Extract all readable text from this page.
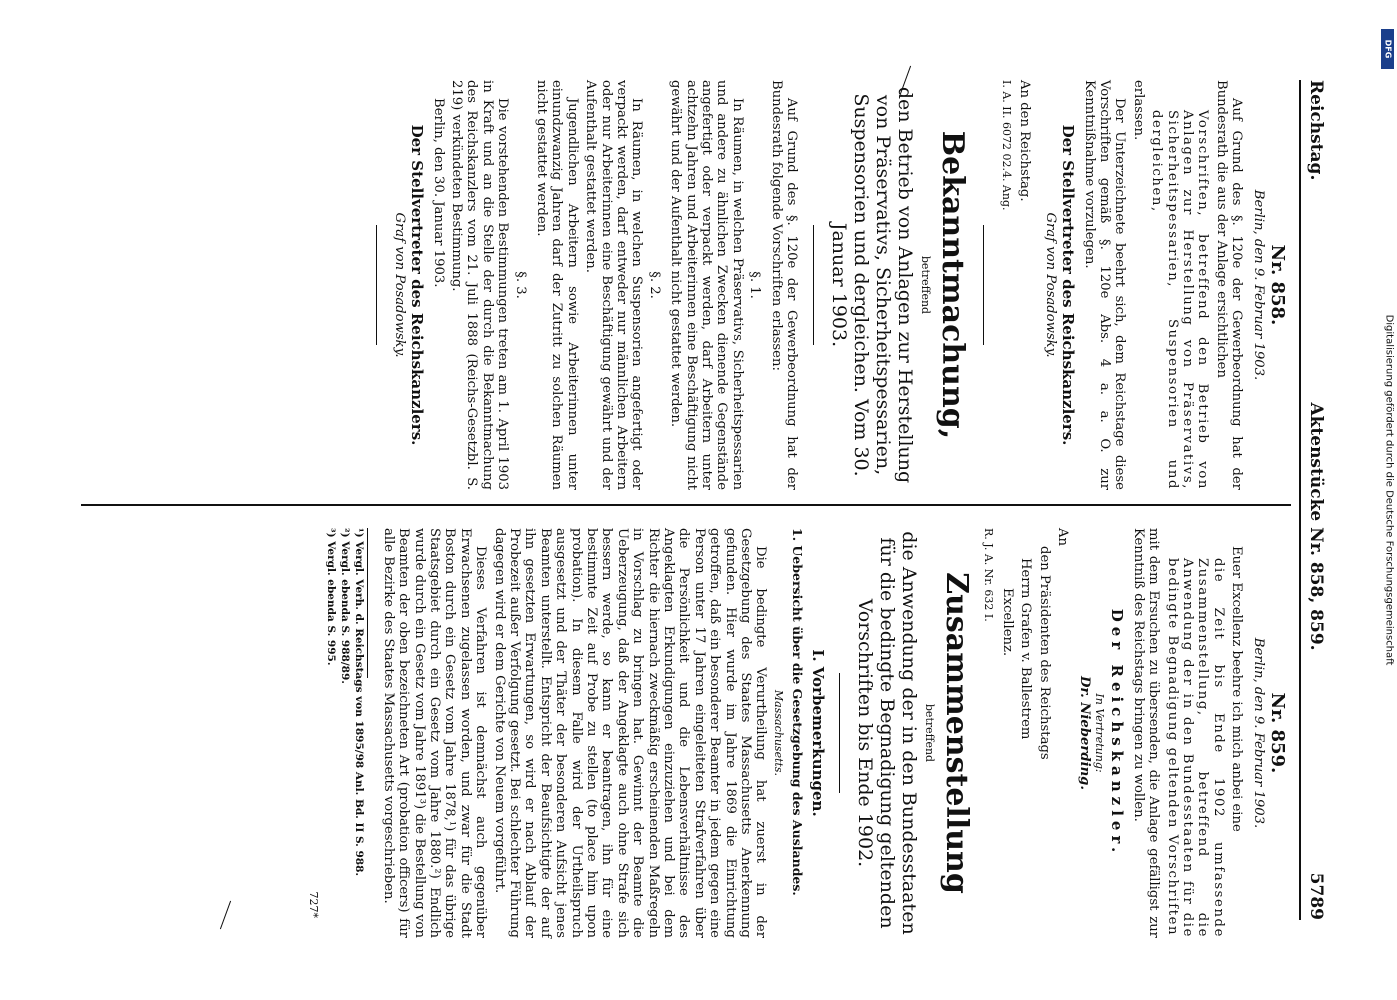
Reichstag.
Aktenstücke Nr. 858, 859.
5789
Nr. 858.
Berlin, den 9. Februar 1903.

Auf Grund des §. 120e der Gewerbeordnung hat der Bundesrath die aus der Anlage ersichtlichen

Vorschriften, betreffend den Betrieb von Anlagen zur Herstellung von Präservativs, Sicherheitspessarien, Suspensorien und dergleichen,

erlassen.

Der Unterzeichnete beehrt sich, dem Reichstage diese Vorschriften gemäß §. 120e Abs. 4 a. a. O. zur Kenntnißnahme vorzulegen.

Der Stellvertreter des Reichskanzlers.
Graf von Posadowsky.

An den Reichstag.

I. A. II. 6072 02.4. Ang.

Bekanntmachung,
betreffend
den Betrieb von Anlagen zur Herstellung von Präservativs, Sicherheitspessarien, Suspensorien und dergleichen. Vom 30. Januar 1903.

Auf Grund des §. 120e der Gewerbeordnung hat der Bundesrath folgende Vorschriften erlassen:

§. 1.

In Räumen, in welchen Präservativs, Sicherheitspessarien und andere zu ähnlichen Zwecken dienende Gegenstände angefertigt oder verpackt werden, darf Arbeitern unter achtzehn Jahren und Arbeiterinnen eine Beschäftigung nicht gewährt und der Aufenthalt nicht gestattet werden.

§. 2.

In Räumen, in welchen Suspensorien angefertigt oder verpackt werden, darf entweder nur männlichen Arbeitern oder nur Arbeiterinnen eine Beschäftigung gewährt und der Aufenthalt gestattet werden.

Jugendlichen Arbeitern sowie Arbeiterinnen unter einundzwanzig Jahren darf der Zutritt zu solchen Räumen nicht gestattet werden.

§. 3.

Die vorstehenden Bestimmungen treten am 1. April 1903 in Kraft und an die Stelle der durch die Bekanntmachung des Reichskanzlers vom 21. Juli 1888 (Reichs-Gesetzbl. S. 219) verkündeten Bestimmung.

Berlin, den 30. Januar 1903.

Der Stellvertreter des Reichskanzlers.
Graf von Posadowsky.
Nr. 859.
Berlin, den 9. Februar 1903.

Euer Excellenz beehre ich mich anbei eine

die Zeit bis Ende 1902 umfassende Zusammenstellung, betreffend die Anwendung der in den Bundesstaaten für die bedingte Begnadigung geltenden Vorschriften

mit dem Ersuchen zu übersenden, die Anlage gefälligst zur Kenntniß des Reichstags bringen zu wollen.

Der Reichskanzler.
In Vertretung:
Dr. Nieberding.

An

den Präsidenten des Reichstags

Herrn Grafen v. Ballestrem

Excellenz.

R. J. A. Nr. 632 I.

Zusammenstellung
betreffend
die Anwendung der in den Bundesstaaten für die bedingte Begnadigung geltenden Vorschriften bis Ende 1902.
I. Vorbemerkungen.
1. Uebersicht über die Gesetzgebung des Auslandes.
Massachusetts.

Die bedingte Verurtheilung hat zuerst in der Gesetzgebung des Staates Massachusetts Anerkennung gefunden. Hier wurde im Jahre 1869 die Einrichtung getroffen, daß ein besonderer Beamter in jedem gegen eine Person unter 17 Jahren eingeleiteten Strafverfahren über die Persönlichkeit und die Lebensverhältnisse des Angeklagten Erkundigungen einzuziehen und bei dem Richter die hiernach zweckmäßig erscheinenden Maßregeln in Vorschlag zu bringen hat. Gewinnt der Beamte die Ueberzeugung, daß der Angeklagte auch ohne Strafe sich bessern werde, so kann er beantragen, ihn für eine bestimmte Zeit auf Probe zu stellen (to place him upon probation). In diesem Falle wird der Urtheilspruch ausgesetzt und der Thäter der besonderen Aufsicht jenes Beamten unterstellt. Entspricht der Beaufsichtigte der auf ihn gesetzten Erwartungen, so wird er nach Ablauf der Probezeit außer Verfolgung gesetzt. Bei schlechter Führung dagegen wird er dem Gerichte von Neuem vorgeführt.

Dieses Verfahren ist demnächst auch gegenüber Erwachsenen zugelassen worden, und zwar für die Stadt Boston durch ein Gesetz vom Jahre 1878,¹) für das übrige Staatsgebiet durch ein Gesetz vom Jahre 1880.²) Endlich wurde durch ein Gesetz vom Jahre 1891³) die Bestellung von Beamten der oben bezeichneten Art (probation officers) für alle Bezirke des Staates Massachusetts vorgeschrieben.

¹) Vergl. Verh. d. Reichstags von 1895/98 Anl. Bd. II S. 988.

²) Vergl. ebenda S. 988/89.

³) Vergl. ebenda S. 995.

727*
DFG
Digitalisierung gefördert durch die Deutsche Forschungsgemeinschaft
